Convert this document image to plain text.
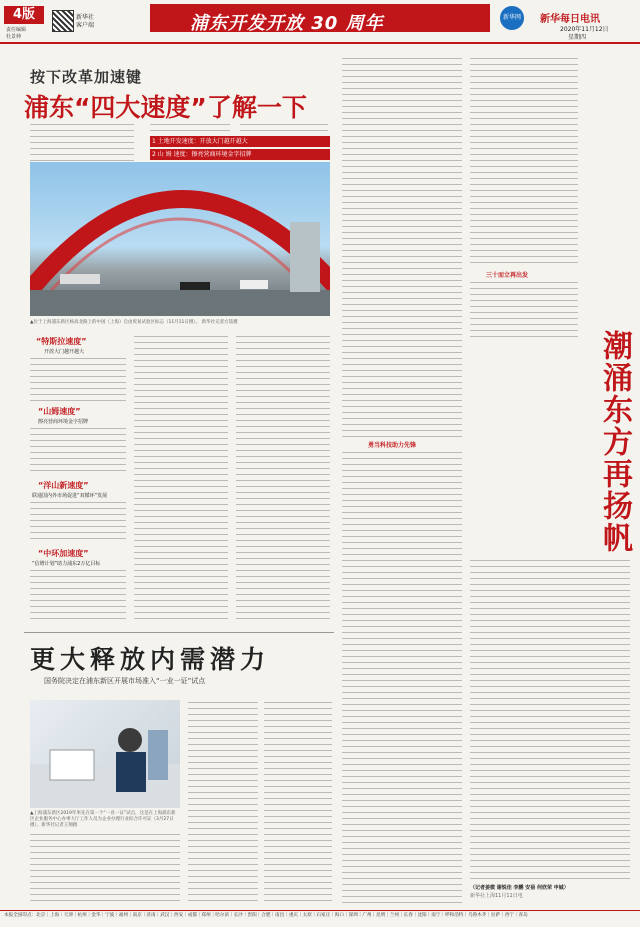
4版
责任编辑
杜景伸
新华社
客户端	浦东开发开放 30 周年	新华网	新华每日电讯
2020年11月12日
星期四
按下改革加速键
浦东“四大速度”了解一下
1 土地开发速度：开放大门越开越大
2 山 姆 速度：擦亮营商环境金字招牌
▲位于上海浦东新区杨高北路上的中国（上海）自由贸易试验区标志（11月11日摄）。 新华社记者方喆摄
“特斯拉速度”
开放大门越开越大
“山姆速度”
擦亮营商环境金字招牌
“洋山新速度”
联通国内外市场促进“双循环”发展
“中环加速度”
“信增计划”助力浦东2万亿目标
更大释放内需潜力
国务院决定在浦东新区开展市场准入“一业一证”试点
▲上海浦东新区2019年率先在第一个“一业一证”试点，这是在上海浦东新区企业服务中心办事大厅工作人员为企业办理行业综合许可证（3月27日摄）。新华社记者王翔摄
勇当科技助力先锋
三十而立再出发
（记者姜微 谢锐佳 李鹏 安蓓 何欣荣 申铖）
新华社上海11月11日电
潮涌东方再扬帆
本报全国印点：北京｜上海｜天津｜杭州｜金华｜宁波｜福州｜南京｜济南｜武汉｜西安｜成都｜郑州｜哈尔滨｜长沙｜贵阳｜合肥｜南昌｜重庆｜太原｜石家庄｜海口｜深圳｜广州｜昆明｜兰州｜长春｜沈阳｜南宁｜呼和浩特｜乌鲁木齐｜拉萨｜西宁｜青岛
